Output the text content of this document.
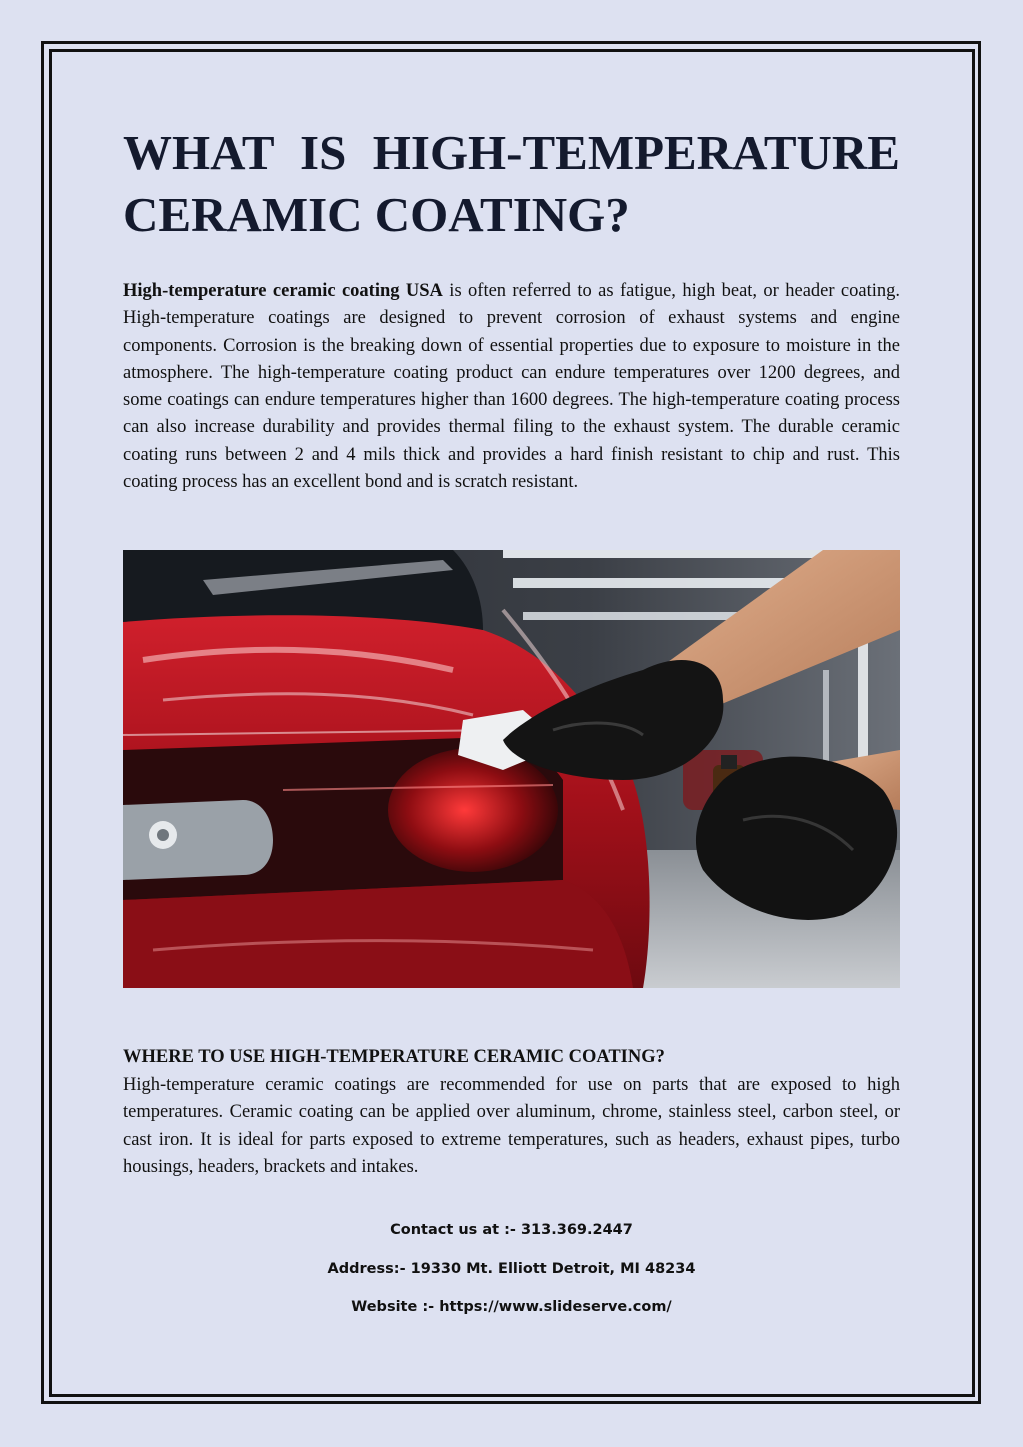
WHAT IS HIGH-TEMPERATURE
CERAMIC COATING?

High-temperature ceramic coating USA is often referred to as fatigue, high beat, or header coating. High-temperature coatings are designed to prevent corrosion of exhaust systems and engine components. Corrosion is the breaking down of essential properties due to exposure to moisture in the atmosphere. The high-temperature coating product can endure temperatures over 1200 degrees, and some coatings can endure temperatures higher than 1600 degrees. The high-temperature coating process can also increase durability and provides thermal filing to the exhaust system. The durable ceramic coating runs between 2 and 4 mils thick and provides a hard finish resistant to chip and rust. This coating process has an excellent bond and is scratch resistant.

WHERE TO USE HIGH-TEMPERATURE CERAMIC COATING?

High-temperature ceramic coatings are recommended for use on parts that are exposed to high temperatures. Ceramic coating can be applied over aluminum, chrome, stainless steel, carbon steel, or cast iron. It is ideal for parts exposed to extreme temperatures, such as headers, exhaust pipes, turbo housings, headers, brackets and intakes.

Contact us at :- 313.369.2447

Address:- 19330 Mt. Elliott Detroit, MI 48234

Website :- https://www.slideserve.com/
